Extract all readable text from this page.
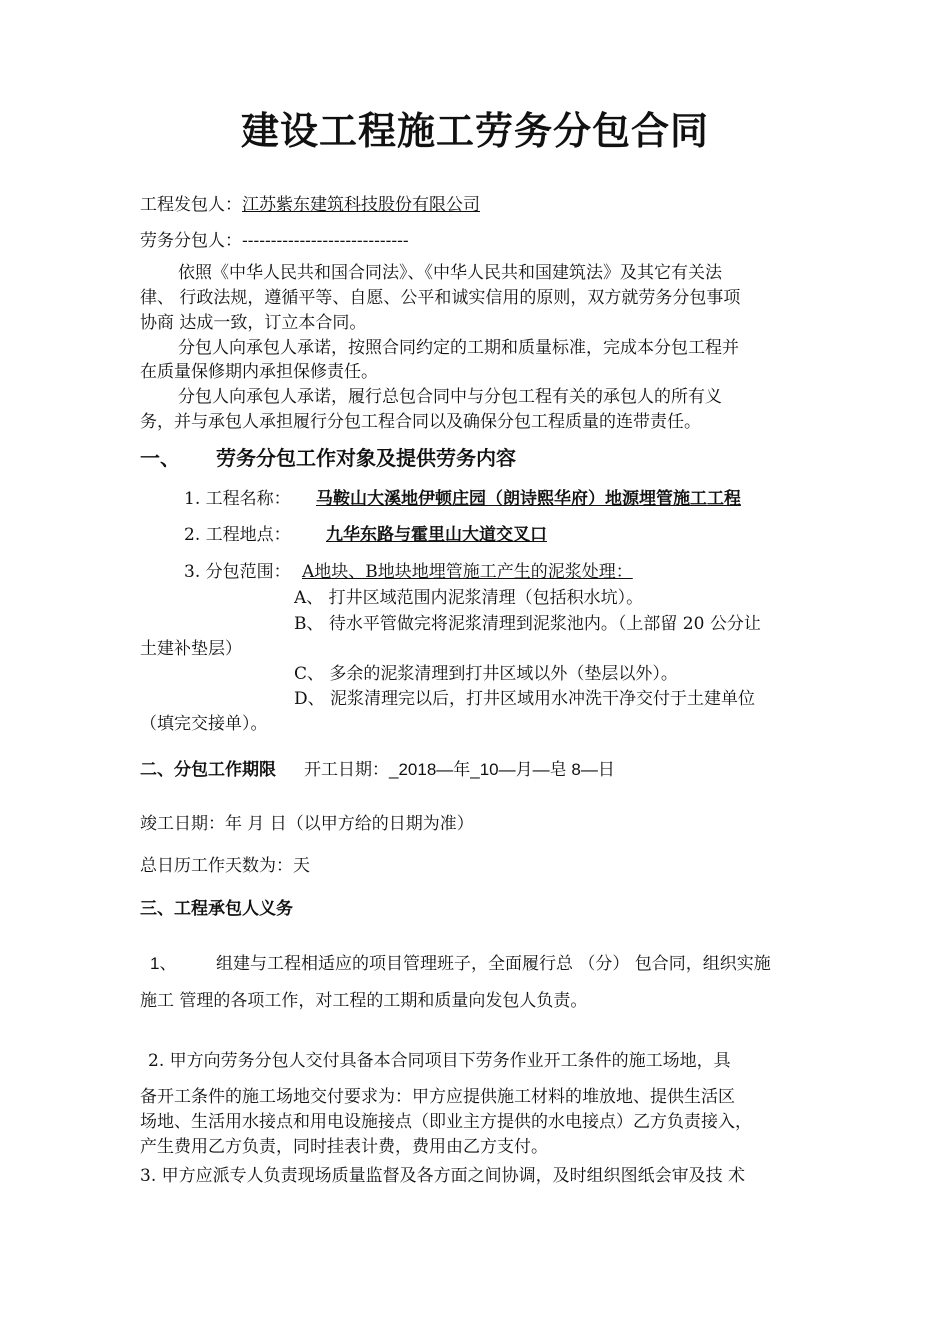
建设工程施工劳务分包合同
工程发包人：江苏紫东建筑科技股份有限公司
劳务分包人：-----------------------------
依照《中华人民共和国合同法》、《中华人民共和国建筑法》及其它有关法
律、 行政法规，遵循平等、自愿、公平和诚实信用的原则，双方就劳务分包事项
协商 达成一致，订立本合同。
分包人向承包人承诺，按照合同约定的工期和质量标准，完成本分包工程并
在质量保修期内承担保修责任。
分包人向承包人承诺，履行总包合同中与分包工程有关的承包人的所有义
务，并与承包人承担履行分包工程合同以及确保分包工程质量的连带责任。
一、 劳务分包工作对象及提供劳务内容
1. 工程名称： 马鞍山大溪地伊顿庄园（朗诗熙华府）地源埋管施工工程
2. 工程地点： 九华东路与霍里山大道交叉口
3. 分包范围： A地块、B地块地埋管施工产生的泥浆处理：
A、 打井区域范围内泥浆清理（包括积水坑）。
B、 待水平管做完将泥浆清理到泥浆池内。（上部留 20 公分让
土建补垫层）
C、 多余的泥浆清理到打井区域以外（垫层以外）。
D、 泥浆清理完以后，打井区域用水冲洗干净交付于土建单位
（填完交接单）。
二、分包工作期限 开工日期：_2018—年_10—月—皂 8—日
竣工日期：年 月 日（以甲方给的日期为准）
总日历工作天数为：天
三、工程承包人义务
1、 组建与工程相适应的项目管理班子，全面履行总 （分） 包合同，组织实施
施工 管理的各项工作，对工程的工期和质量向发包人负责。
2. 甲方向劳务分包人交付具备本合同项目下劳务作业开工条件的施工场地，具
备开工条件的施工场地交付要求为：甲方应提供施工材料的堆放地、提供生活区
场地、生活用水接点和用电设施接点（即业主方提供的水电接点）乙方负责接入，
产生费用乙方负责，同时挂表计费，费用由乙方支付。
3. 甲方应派专人负责现场质量监督及各方面之间协调，及时组织图纸会审及技 术
